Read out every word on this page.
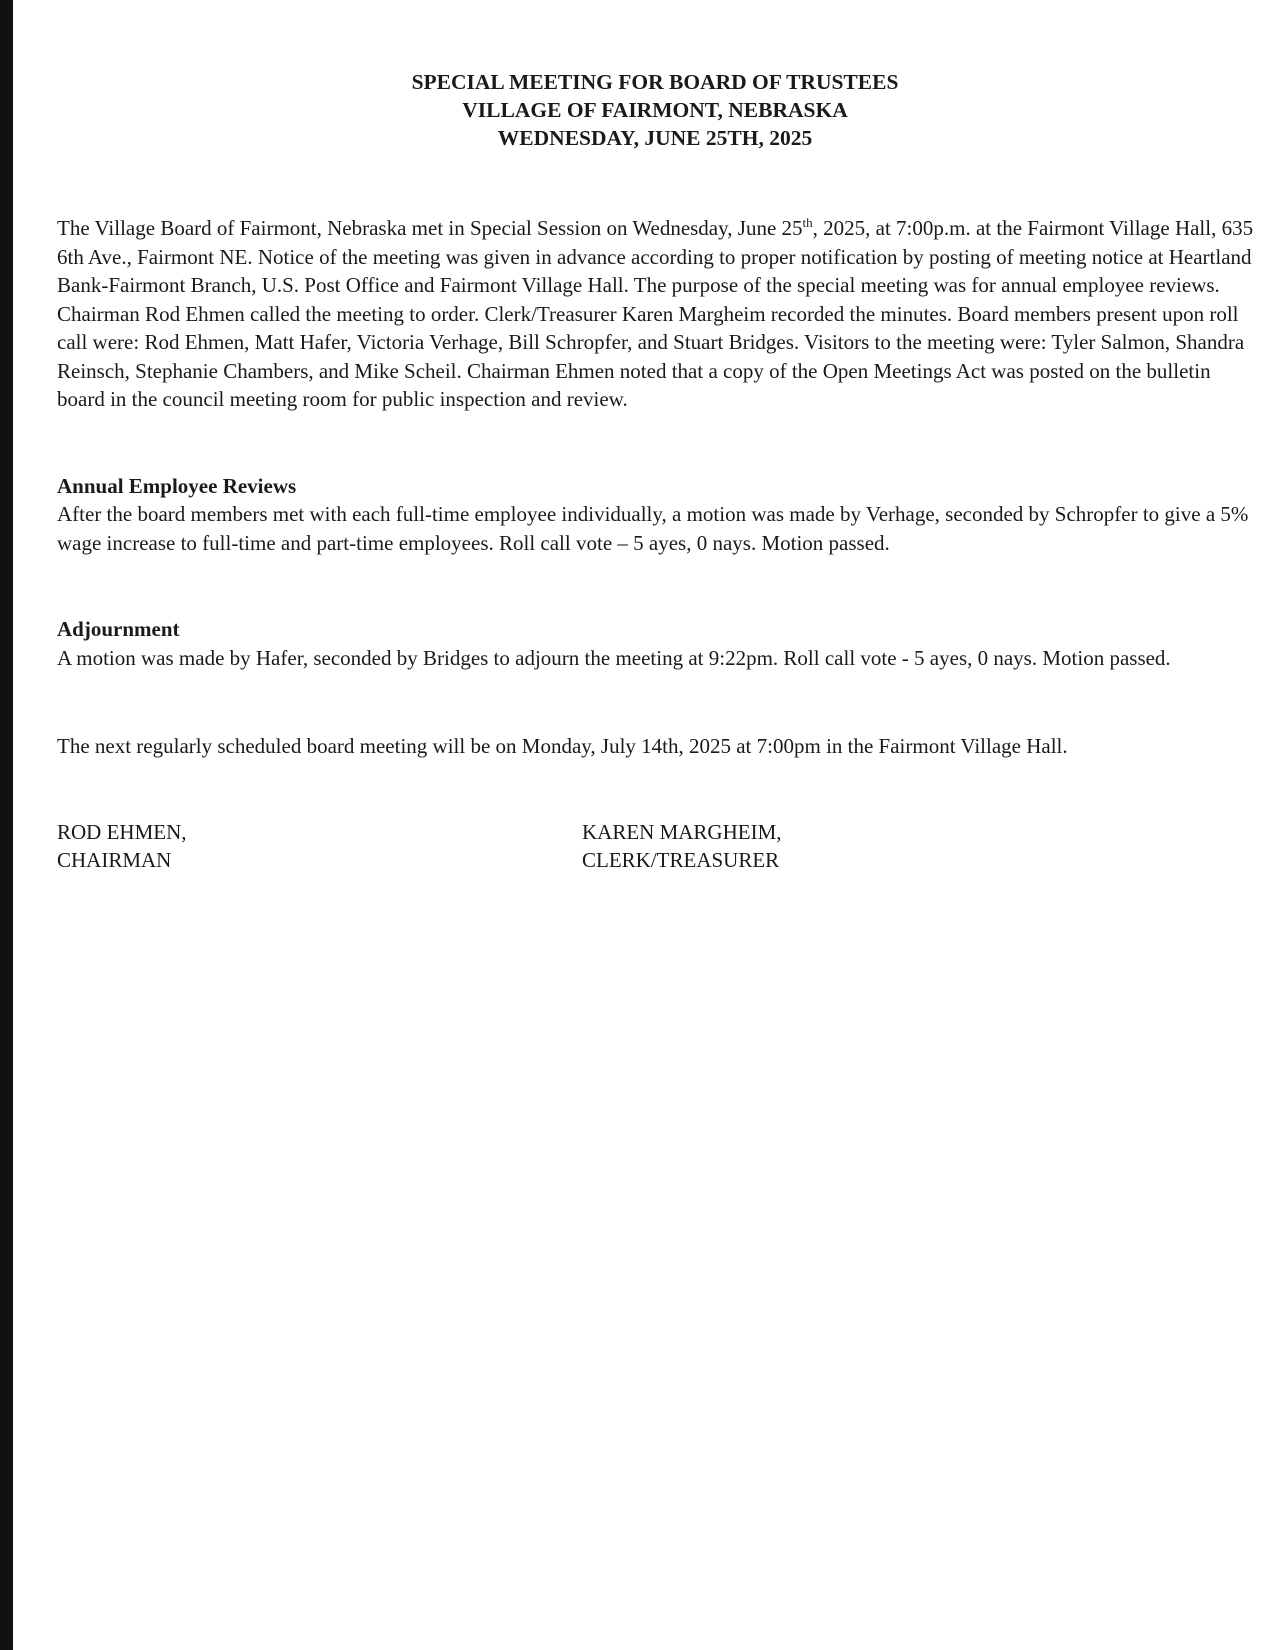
SPECIAL MEETING FOR BOARD OF TRUSTEES
VILLAGE OF FAIRMONT, NEBRASKA
WEDNESDAY, JUNE 25TH, 2025

The Village Board of Fairmont, Nebraska met in Special Session on Wednesday, June 25th, 2025, at 7:00p.m. at the Fairmont Village Hall, 635 6th Ave., Fairmont NE. Notice of the meeting was given in advance according to proper notification by posting of meeting notice at Heartland Bank-Fairmont Branch, U.S. Post Office and Fairmont Village Hall. The purpose of the special meeting was for annual employee reviews. Chairman Rod Ehmen called the meeting to order. Clerk/Treasurer Karen Margheim recorded the minutes. Board members present upon roll call were: Rod Ehmen, Matt Hafer, Victoria Verhage, Bill Schropfer, and Stuart Bridges. Visitors to the meeting were: Tyler Salmon, Shandra Reinsch, Stephanie Chambers, and Mike Scheil. Chairman Ehmen noted that a copy of the Open Meetings Act was posted on the bulletin board in the council meeting room for public inspection and review.

Annual Employee Reviews

After the board members met with each full-time employee individually, a motion was made by Verhage, seconded by Schropfer to give a 5% wage increase to full-time and part-time employees. Roll call vote – 5 ayes, 0 nays. Motion passed.

Adjournment

A motion was made by Hafer, seconded by Bridges to adjourn the meeting at 9:22pm. Roll call vote - 5 ayes, 0 nays. Motion passed.

The next regularly scheduled board meeting will be on Monday, July 14th, 2025 at 7:00pm in the Fairmont Village Hall.

ROD EHMEN,
CHAIRMAN
KAREN MARGHEIM,
CLERK/TREASURER
